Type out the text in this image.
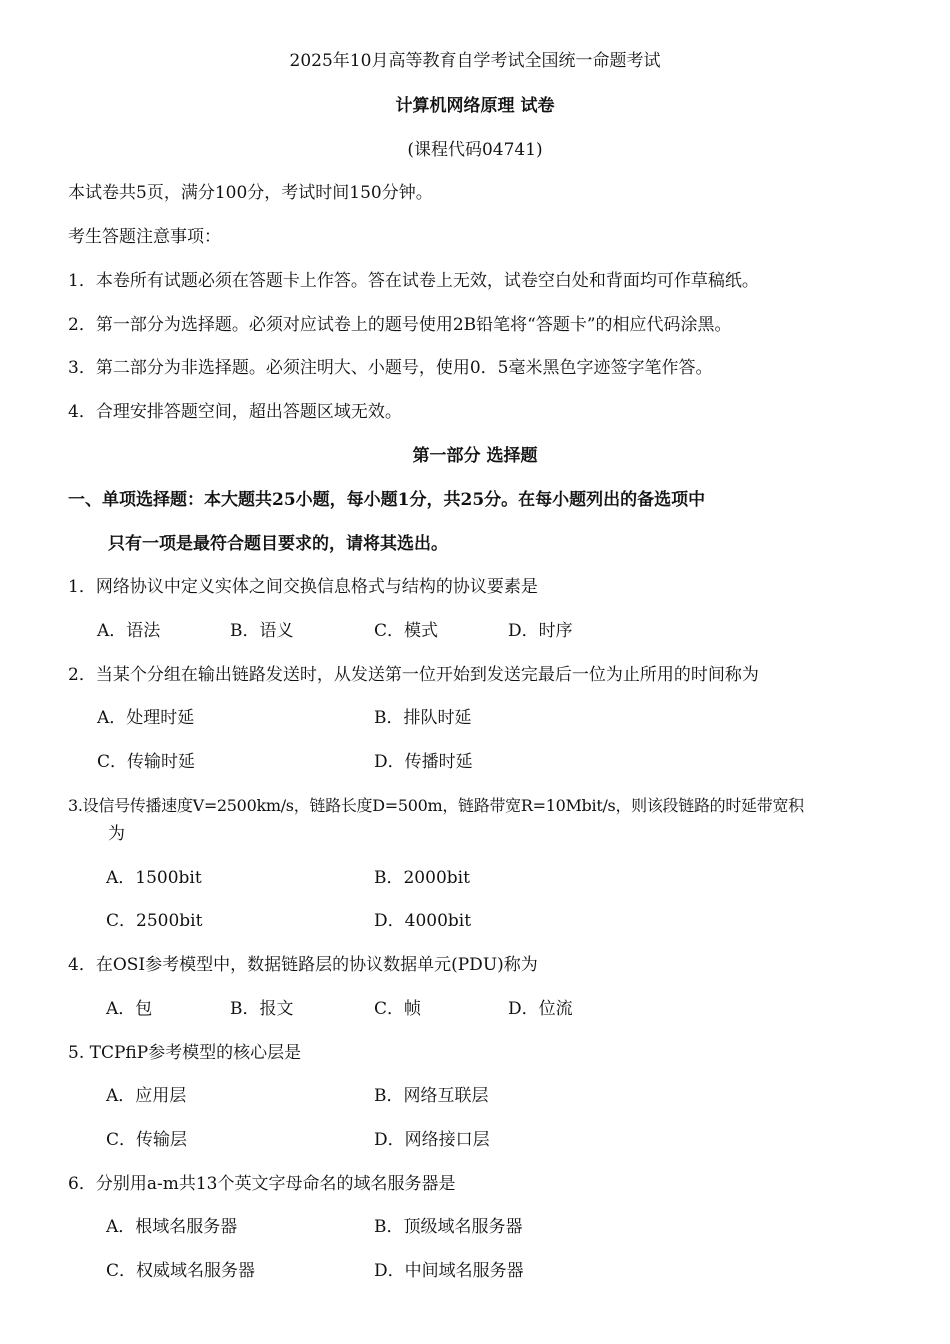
2025年10月高等教育自学考试全国统一命题考试
计算机网络原理 试卷
(课程代码04741)
本试卷共5页，满分100分，考试时间150分钟。
考生答题注意事项：
1．本卷所有试题必须在答题卡上作答。答在试卷上无效，试卷空白处和背面均可作草稿纸。
2．第一部分为选择题。必须对应试卷上的题号使用2B铅笔将“答题卡”的相应代码涂黑。
3．第二部分为非选择题。必须注明大、小题号，使用0．5毫米黑色字迹签字笔作答。
4．合理安排答题空间，超出答题区域无效。
第一部分 选择题
一、单项选择题：本大题共25小题，每小题1分，共25分。在每小题列出的备选项中
只有一项是最符合题目要求的，请将其选出。
1．网络协议中定义实体之间交换信息格式与结构的协议要素是
A．语法	B．语义	C．模式	D．时序
2．当某个分组在输出链路发送时，从发送第一位开始到发送完最后一位为止所用的时间称为
A．处理时延	B．排队时延
C．传输时延	D．传播时延
3.设信号传播速度V=2500km/s，链路长度D=500m，链路带宽R=10Mbit/s，则该段链路的时延带宽积
为
A．1500bit	B．2000bit
C．2500bit	D．4000bit
4．在OSI参考模型中，数据链路层的协议数据单元(PDU)称为
A．包	B．报文	C．帧	D．位流
5. TCPfiP参考模型的核心层是
A．应用层	B．网络互联层
C．传输层	D．网络接口层
6．分别用a-m共13个英文字母命名的域名服务器是
A．根域名服务器	B．顶级域名服务器
C．权威域名服务器	D．中间域名服务器
